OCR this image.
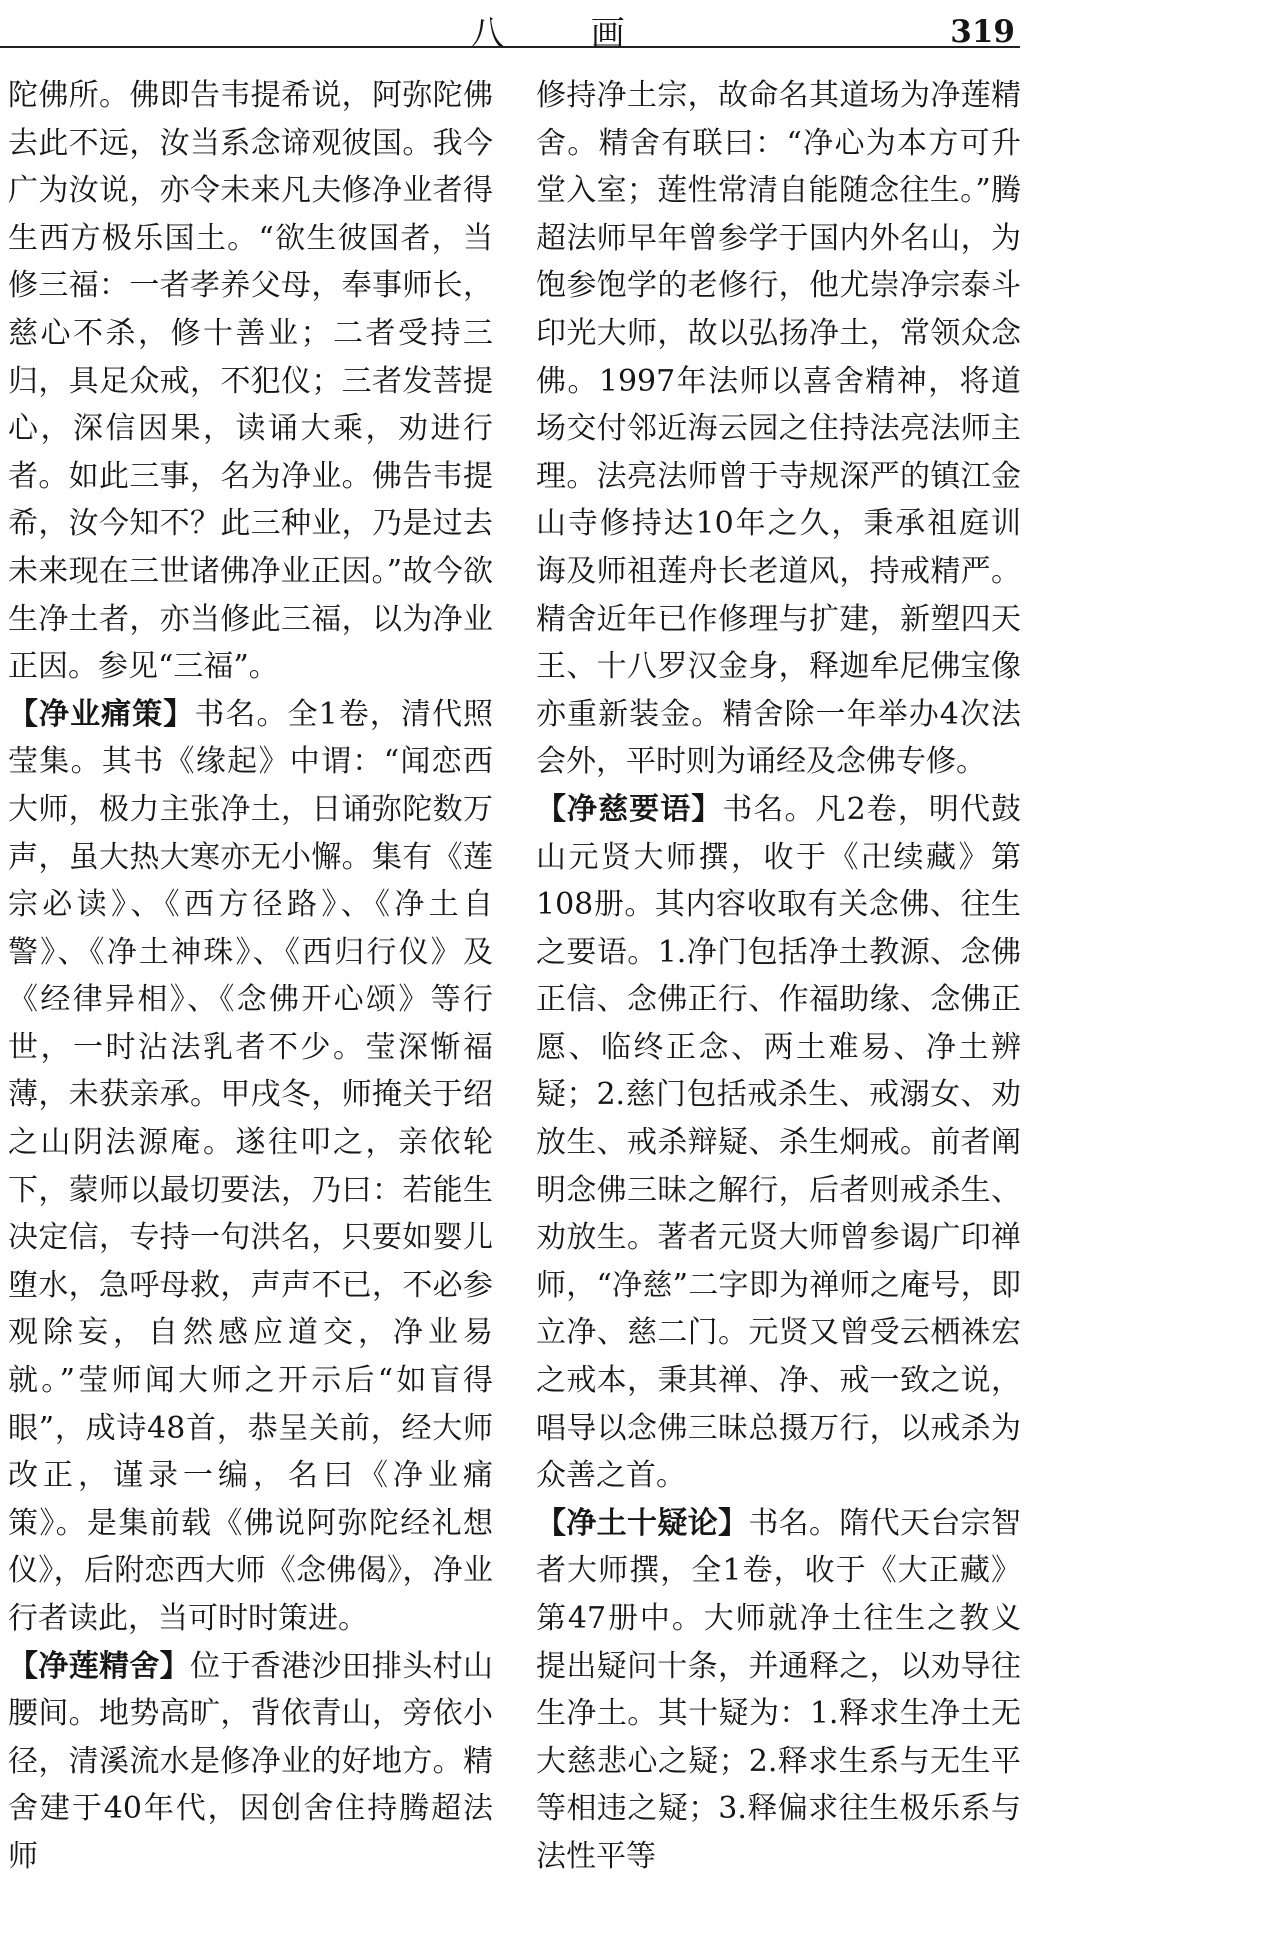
八 画	319

陀佛所。佛即告韦提希说，阿弥陀佛去此不远，汝当系念谛观彼国。我今广为汝说，亦令未来凡夫修净业者得生西方极乐国土。“欲生彼国者，当修三福：一者孝养父母，奉事师长，慈心不杀，修十善业；二者受持三归，具足众戒，不犯仪；三者发菩提心，深信因果，读诵大乘，劝进行者。如此三事，名为净业。佛告韦提希，汝今知不？此三种业，乃是过去未来现在三世诸佛净业正因。”故今欲生净土者，亦当修此三福，以为净业正因。参见“三福”。

【净业痛策】书名。全1卷，清代照莹集。其书《缘起》中谓：“闻恋西大师，极力主张净土，日诵弥陀数万声，虽大热大寒亦无小懈。集有《莲宗必读》、《西方径路》、《净土自警》、《净土神珠》、《西归行仪》及《经律异相》、《念佛开心颂》等行世，一时沾法乳者不少。莹深惭福薄，未获亲承。甲戌冬，师掩关于绍之山阴法源庵。遂往叩之，亲依轮下，蒙师以最切要法，乃曰：若能生决定信，专持一句洪名，只要如婴儿堕水，急呼母救，声声不已，不必参观除妄，自然感应道交，净业易就。”莹师闻大师之开示后“如盲得眼”，成诗48首，恭呈关前，经大师改正，谨录一编，名曰《净业痛策》。是集前载《佛说阿弥陀经礼想仪》，后附恋西大师《念佛偈》，净业行者读此，当可时时策进。

【净莲精舍】位于香港沙田排头村山腰间。地势高旷，背依青山，旁依小径，清溪流水是修净业的好地方。精舍建于40年代，因创舍住持腾超法师

修持净土宗，故命名其道场为净莲精舍。精舍有联曰：“净心为本方可升堂入室；莲性常清自能随念往生。”腾超法师早年曾参学于国内外名山，为饱参饱学的老修行，他尤崇净宗泰斗印光大师，故以弘扬净土，常领众念佛。1997年法师以喜舍精神，将道场交付邻近海云园之住持法亮法师主理。法亮法师曾于寺规深严的镇江金山寺修持达10年之久，秉承祖庭训诲及师祖莲舟长老道风，持戒精严。精舍近年已作修理与扩建，新塑四天王、十八罗汉金身，释迦牟尼佛宝像亦重新装金。精舍除一年举办4次法会外，平时则为诵经及念佛专修。

【净慈要语】书名。凡2卷，明代鼓山元贤大师撰，收于《卍续藏》第108册。其内容收取有关念佛、往生之要语。1.净门包括净土教源、念佛正信、念佛正行、作福助缘、念佛正愿、临终正念、两土难易、净土辨疑；2.慈门包括戒杀生、戒溺女、劝放生、戒杀辩疑、杀生炯戒。前者阐明念佛三昧之解行，后者则戒杀生、劝放生。著者元贤大师曾参谒广印禅师，“净慈”二字即为禅师之庵号，即立净、慈二门。元贤又曾受云栖袾宏之戒本，秉其禅、净、戒一致之说，唱导以念佛三昧总摄万行，以戒杀为众善之首。

【净土十疑论】书名。隋代天台宗智者大师撰，全1卷，收于《大正藏》第47册中。大师就净土往生之教义提出疑问十条，并通释之，以劝导往生净土。其十疑为：1.释求生净土无大慈悲心之疑；2.释求生系与无生平等相违之疑；3.释偏求往生极乐系与法性平等
